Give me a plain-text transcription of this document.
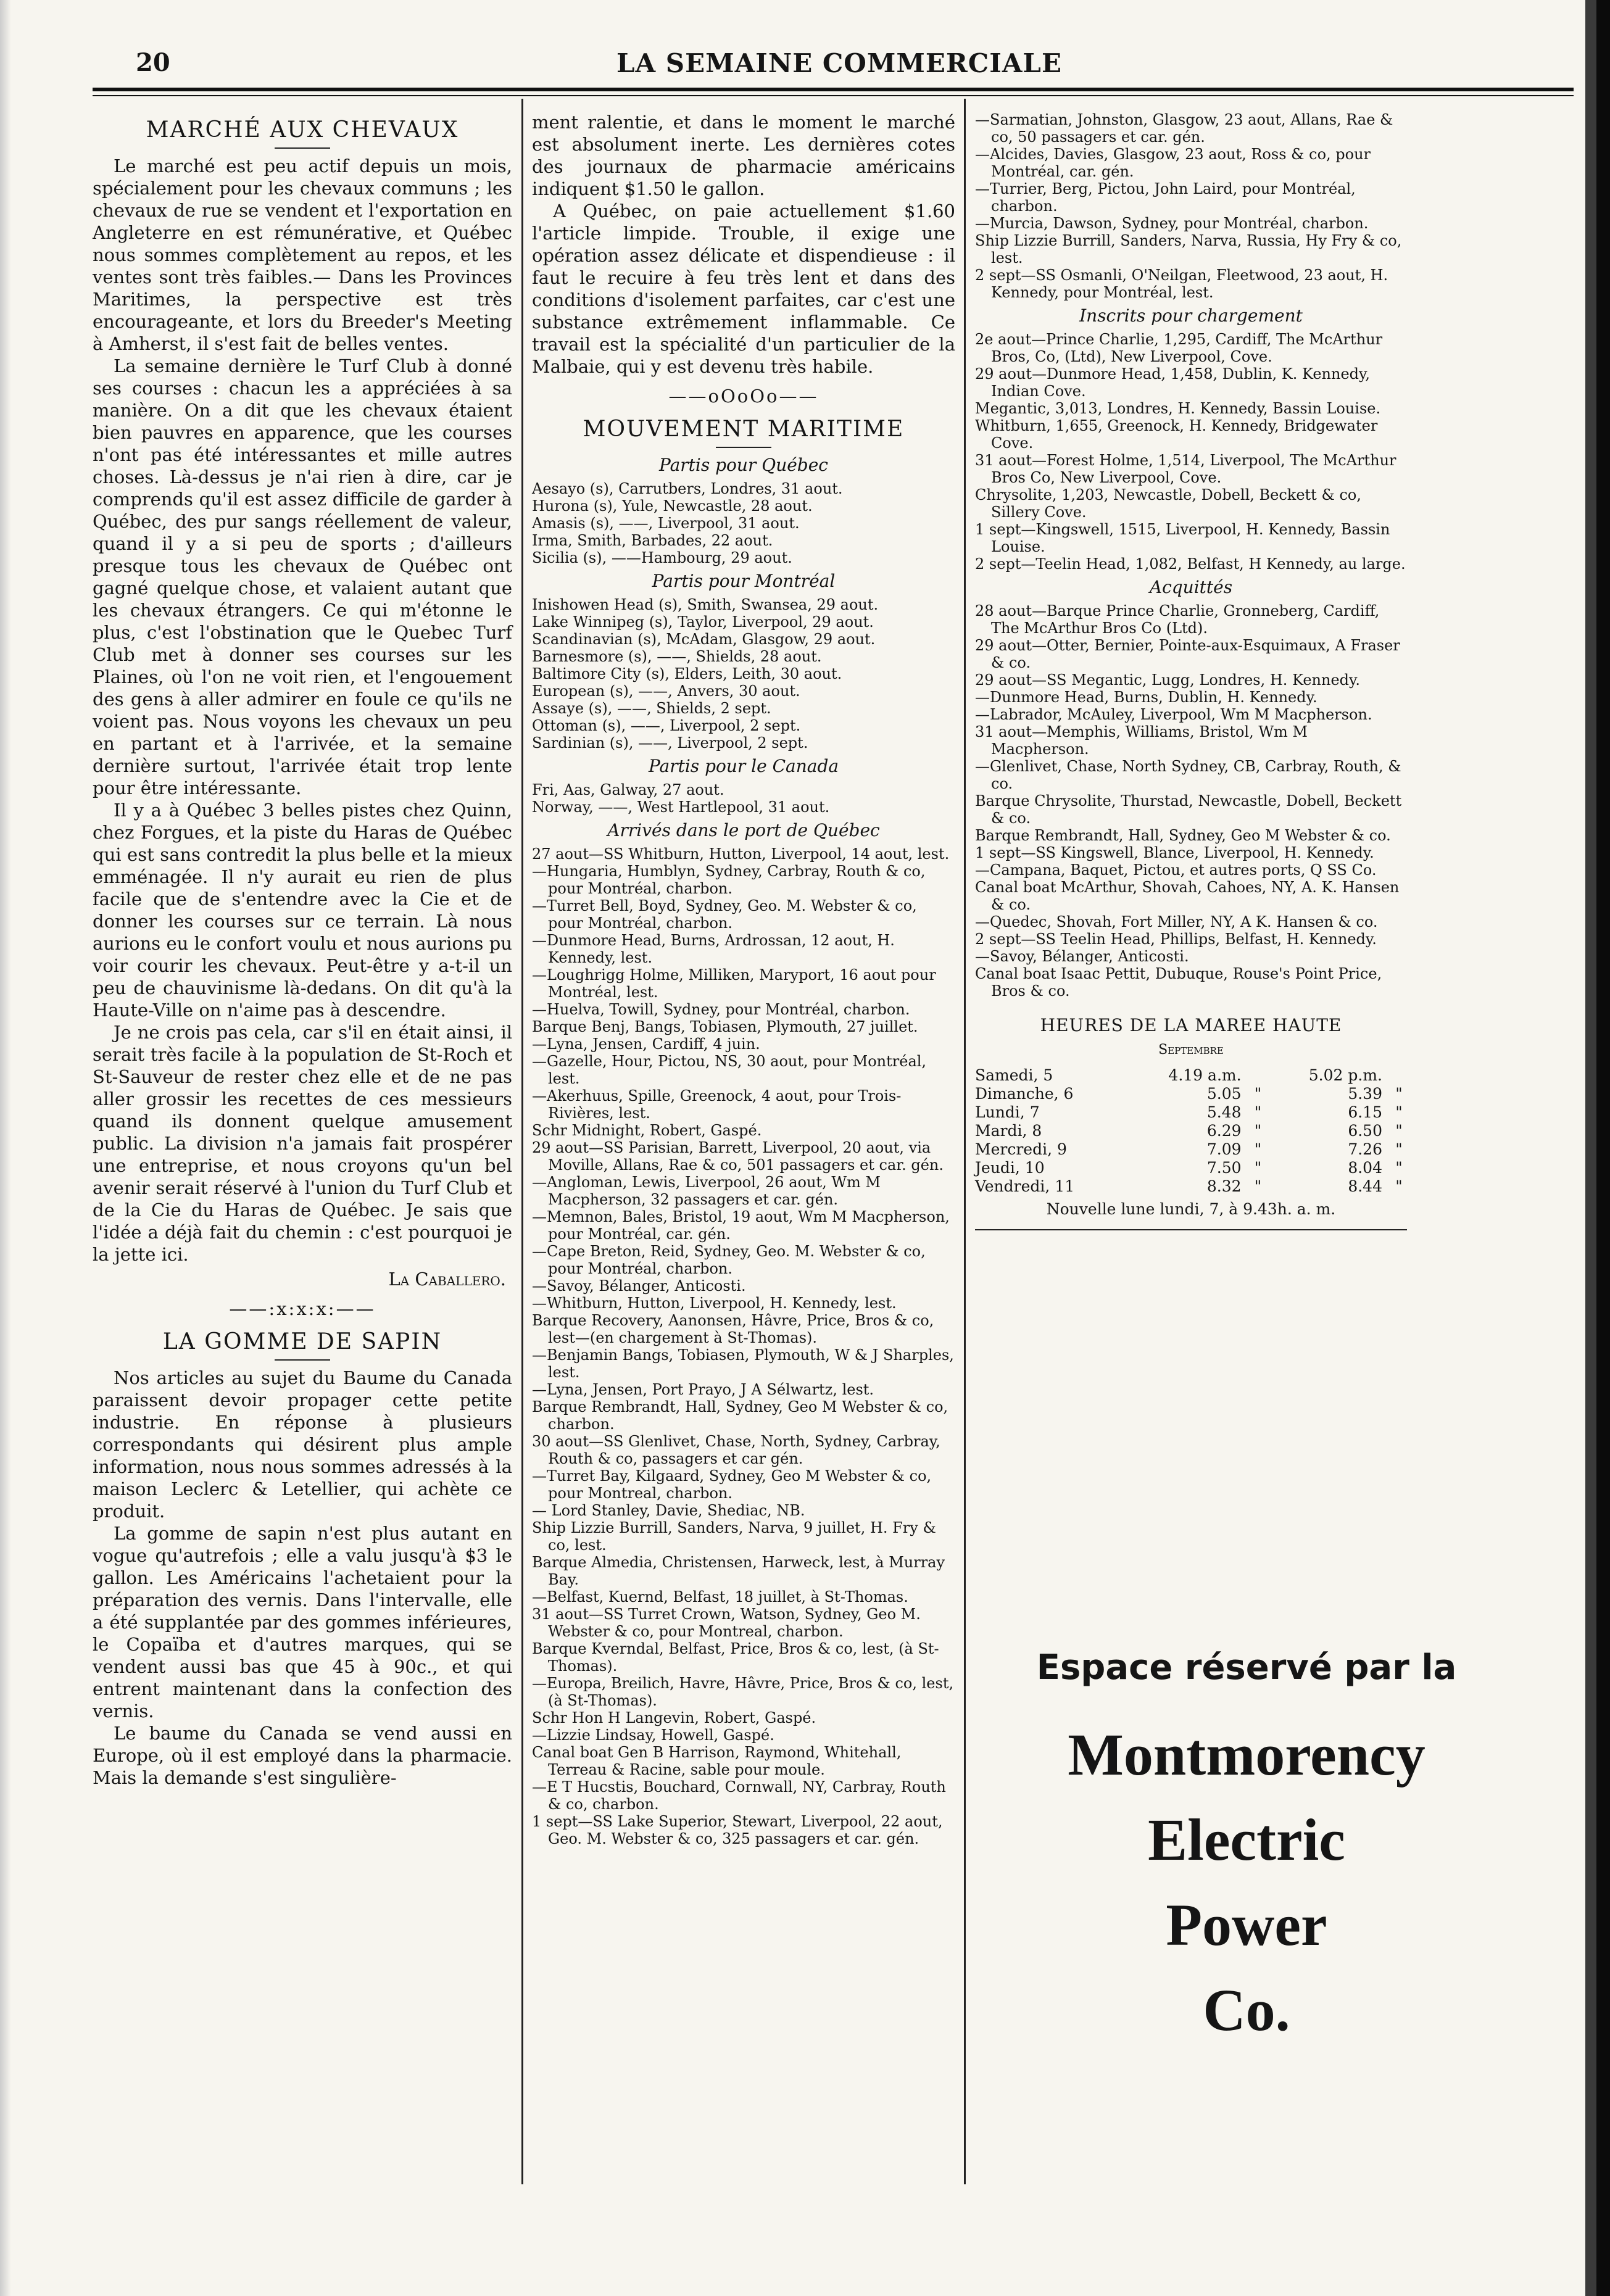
20	LA SEMAINE COMMERCIALE
MARCHÉ AUX CHEVAUX

Le marché est peu actif depuis un mois, spécialement pour les chevaux communs ; les chevaux de rue se vendent et l'exportation en Angleterre en est rémunérative, et Québec nous sommes complètement au repos, et les ventes sont très faibles.— Dans les Provinces Maritimes, la perspective est très encourageante, et lors du Breeder's Meeting à Amherst, il s'est fait de belles ventes.

La semaine dernière le Turf Club à donné ses courses : chacun les a appréciées à sa manière. On a dit que les chevaux étaient bien pauvres en apparence, que les courses n'ont pas été intéressantes et mille autres choses. Là-dessus je n'ai rien à dire, car je comprends qu'il est assez difficile de garder à Québec, des pur sangs réellement de valeur, quand il y a si peu de sports ; d'ailleurs presque tous les chevaux de Québec ont gagné quelque chose, et valaient autant que les chevaux étrangers. Ce qui m'étonne le plus, c'est l'obstination que le Quebec Turf Club met à donner ses courses sur les Plaines, où l'on ne voit rien, et l'engouement des gens à aller admirer en foule ce qu'ils ne voient pas. Nous voyons les chevaux un peu en partant et à l'arrivée, et la semaine dernière surtout, l'arrivée était trop lente pour être intéressante.

Il y a à Québec 3 belles pistes chez Quinn, chez Forgues, et la piste du Haras de Québec qui est sans contredit la plus belle et la mieux emménagée. Il n'y aurait eu rien de plus facile que de s'entendre avec la Cie et de donner les courses sur ce terrain. Là nous aurions eu le confort voulu et nous aurions pu voir courir les chevaux. Peut-être y a-t-il un peu de chauvinisme là-dedans. On dit qu'à la Haute-Ville on n'aime pas à descendre.

Je ne crois pas cela, car s'il en était ainsi, il serait très facile à la population de St-Roch et St-Sauveur de rester chez elle et de ne pas aller grossir les recettes de ces messieurs quand ils donnent quelque amusement public. La division n'a jamais fait prospérer une entreprise, et nous croyons qu'un bel avenir serait réservé à l'union du Turf Club et de la Cie du Haras de Québec. Je sais que l'idée a déjà fait du chemin : c'est pourquoi je la jette ici.

La Caballero.
——:x:x:x:——
LA GOMME DE SAPIN

Nos articles au sujet du Baume du Canada paraissent devoir propager cette petite industrie. En réponse à plusieurs correspondants qui désirent plus ample information, nous nous sommes adressés à la maison Leclerc & Letellier, qui achète ce produit.

La gomme de sapin n'est plus autant en vogue qu'autrefois ; elle a valu jusqu'à $3 le gallon. Les Américains l'achetaient pour la préparation des vernis. Dans l'intervalle, elle a été supplantée par des gommes inférieures, le Copaïba et d'autres marques, qui se vendent aussi bas que 45 à 90c., et qui entrent maintenant dans la confection des vernis.

Le baume du Canada se vend aussi en Europe, où il est employé dans la pharmacie. Mais la demande s'est singulière-

ment ralentie, et dans le moment le marché est absolument inerte. Les dernières cotes des journaux de pharmacie américains indiquent $1.50 le gallon.

A Québec, on paie actuellement $1.60 l'article limpide. Trouble, il exige une opération assez délicate et dispendieuse : il faut le recuire à feu très lent et dans des conditions d'isolement parfaites, car c'est une substance extrêmement inflammable. Ce travail est la spécialité d'un particulier de la Malbaie, qui y est devenu très habile.

——oOoOo——
MOUVEMENT MARITIME
Partis pour Québec
Aesayo (s), Carrutbers, Londres, 31 aout.
Hurona (s), Yule, Newcastle, 28 aout.
Amasis (s), ——, Liverpool, 31 aout.
Irma, Smith, Barbades, 22 aout.
Sicilia (s), ——Hambourg, 29 aout.
Partis pour Montréal
Inishowen Head (s), Smith, Swansea, 29 aout.
Lake Winnipeg (s), Taylor, Liverpool, 29 aout.
Scandinavian (s), McAdam, Glasgow, 29 aout.
Barnesmore (s), ——, Shields, 28 aout.
Baltimore City (s), Elders, Leith, 30 aout.
European (s), ——, Anvers, 30 aout.
Assaye (s), ——, Shields, 2 sept.
Ottoman (s), ——, Liverpool, 2 sept.
Sardinian (s), ——, Liverpool, 2 sept.
Partis pour le Canada
Fri, Aas, Galway, 27 aout.
Norway, ——, West Hartlepool, 31 aout.
Arrivés dans le port de Québec
27 aout—SS Whitburn, Hutton, Liverpool, 14 aout, lest.
—Hungaria, Humblyn, Sydney, Carbray, Routh & co, pour Montréal, charbon.
—Turret Bell, Boyd, Sydney, Geo. M. Webster & co, pour Montréal, charbon.
—Dunmore Head, Burns, Ardrossan, 12 aout, H. Kennedy, lest.
—Loughrigg Holme, Milliken, Maryport, 16 aout pour Montréal, lest.
—Huelva, Towill, Sydney, pour Montréal, charbon.
Barque Benj, Bangs, Tobiasen, Plymouth, 27 juillet.
—Lyna, Jensen, Cardiff, 4 juin.
—Gazelle, Hour, Pictou, NS, 30 aout, pour Montréal, lest.
—Akerhuus, Spille, Greenock, 4 aout, pour Trois-Rivières, lest.
Schr Midnight, Robert, Gaspé.
29 aout—SS Parisian, Barrett, Liverpool, 20 aout, via Moville, Allans, Rae & co, 501 passagers et car. gén.
—Angloman, Lewis, Liverpool, 26 aout, Wm M Macpherson, 32 passagers et car. gén.
—Memnon, Bales, Bristol, 19 aout, Wm M Macpherson, pour Montréal, car. gén.
—Cape Breton, Reid, Sydney, Geo. M. Webster & co, pour Montréal, charbon.
—Savoy, Bélanger, Anticosti.
—Whitburn, Hutton, Liverpool, H. Kennedy, lest.
Barque Recovery, Aanonsen, Hâvre, Price, Bros & co, lest—(en chargement à St-Thomas).
—Benjamin Bangs, Tobiasen, Plymouth, W & J Sharples, lest.
—Lyna, Jensen, Port Prayo, J A Sélwartz, lest.
Barque Rembrandt, Hall, Sydney, Geo M Webster & co, charbon.
30 aout—SS Glenlivet, Chase, North, Sydney, Carbray, Routh & co, passagers et car gén.
—Turret Bay, Kilgaard, Sydney, Geo M Webster & co, pour Montreal, charbon.
— Lord Stanley, Davie, Shediac, NB.
Ship Lizzie Burrill, Sanders, Narva, 9 juillet, H. Fry & co, lest.
Barque Almedia, Christensen, Harweck, lest, à Murray Bay.
—Belfast, Kuernd, Belfast, 18 juillet, à St-Thomas.
31 aout—SS Turret Crown, Watson, Sydney, Geo M. Webster & co, pour Montreal, charbon.
Barque Kverndal, Belfast, Price, Bros & co, lest, (à St-Thomas).
—Europa, Breilich, Havre, Hâvre, Price, Bros & co, lest, (à St-Thomas).
Schr Hon H Langevin, Robert, Gaspé.
—Lizzie Lindsay, Howell, Gaspé.
Canal boat Gen B Harrison, Raymond, Whitehall, Terreau & Racine, sable pour moule.
—E T Hucstis, Bouchard, Cornwall, NY, Carbray, Routh & co, charbon.
1 sept—SS Lake Superior, Stewart, Liverpool, 22 aout, Geo. M. Webster & co, 325 passagers et car. gén.
—Sarmatian, Johnston, Glasgow, 23 aout, Allans, Rae & co, 50 passagers et car. gén.
—Alcides, Davies, Glasgow, 23 aout, Ross & co, pour Montréal, car. gén.
—Turrier, Berg, Pictou, John Laird, pour Montréal, charbon.
—Murcia, Dawson, Sydney, pour Montréal, charbon.
Ship Lizzie Burrill, Sanders, Narva, Russia, Hy Fry & co, lest.
2 sept—SS Osmanli, O'Neilgan, Fleetwood, 23 aout, H. Kennedy, pour Montréal, lest.
Inscrits pour chargement
2e aout—Prince Charlie, 1,295, Cardiff, The McArthur Bros, Co, (Ltd), New Liverpool, Cove.
29 aout—Dunmore Head, 1,458, Dublin, K. Kennedy, Indian Cove.
Megantic, 3,013, Londres, H. Kennedy, Bassin Louise.
Whitburn, 1,655, Greenock, H. Kennedy, Bridgewater Cove.
31 aout—Forest Holme, 1,514, Liverpool, The McArthur Bros Co, New Liverpool, Cove.
Chrysolite, 1,203, Newcastle, Dobell, Beckett & co, Sillery Cove.
1 sept—Kingswell, 1515, Liverpool, H. Kennedy, Bassin Louise.
2 sept—Teelin Head, 1,082, Belfast, H Kennedy, au large.
Acquittés
28 aout—Barque Prince Charlie, Gronneberg, Cardiff, The McArthur Bros Co (Ltd).
29 aout—Otter, Bernier, Pointe-aux-Esquimaux, A Fraser & co.
29 aout—SS Megantic, Lugg, Londres, H. Kennedy.
—Dunmore Head, Burns, Dublin, H. Kennedy.
—Labrador, McAuley, Liverpool, Wm M Macpherson.
31 aout—Memphis, Williams, Bristol, Wm M Macpherson.
—Glenlivet, Chase, North Sydney, CB, Carbray, Routh, & co.
Barque Chrysolite, Thurstad, Newcastle, Dobell, Beckett & co.
Barque Rembrandt, Hall, Sydney, Geo M Webster & co.
1 sept—SS Kingswell, Blance, Liverpool, H. Kennedy.
—Campana, Baquet, Pictou, et autres ports, Q SS Co.
Canal boat McArthur, Shovah, Cahoes, NY, A. K. Hansen & co.
—Quedec, Shovah, Fort Miller, NY, A K. Hansen & co.
2 sept—SS Teelin Head, Phillips, Belfast, H. Kennedy.
—Savoy, Bélanger, Anticosti.
Canal boat Isaac Pettit, Dubuque, Rouse's Point Price, Bros & co.
HEURES DE LA MAREE HAUTE
Septembre
Samedi, 5	4.19 a.m.		5.02 p.m.	
Dimanche, 6	5.05	"	5.39	"
Lundi, 7	5.48	"	6.15	"
Mardi, 8	6.29	"	6.50	"
Mercredi, 9	7.09	"	7.26	"
Jeudi, 10	7.50	"	8.04	"
Vendredi, 11	8.32	"	8.44	"
Nouvelle lune lundi, 7, à 9.43h. a. m.
Espace réservé par la
Montmorency
Electric
Power
Co.
